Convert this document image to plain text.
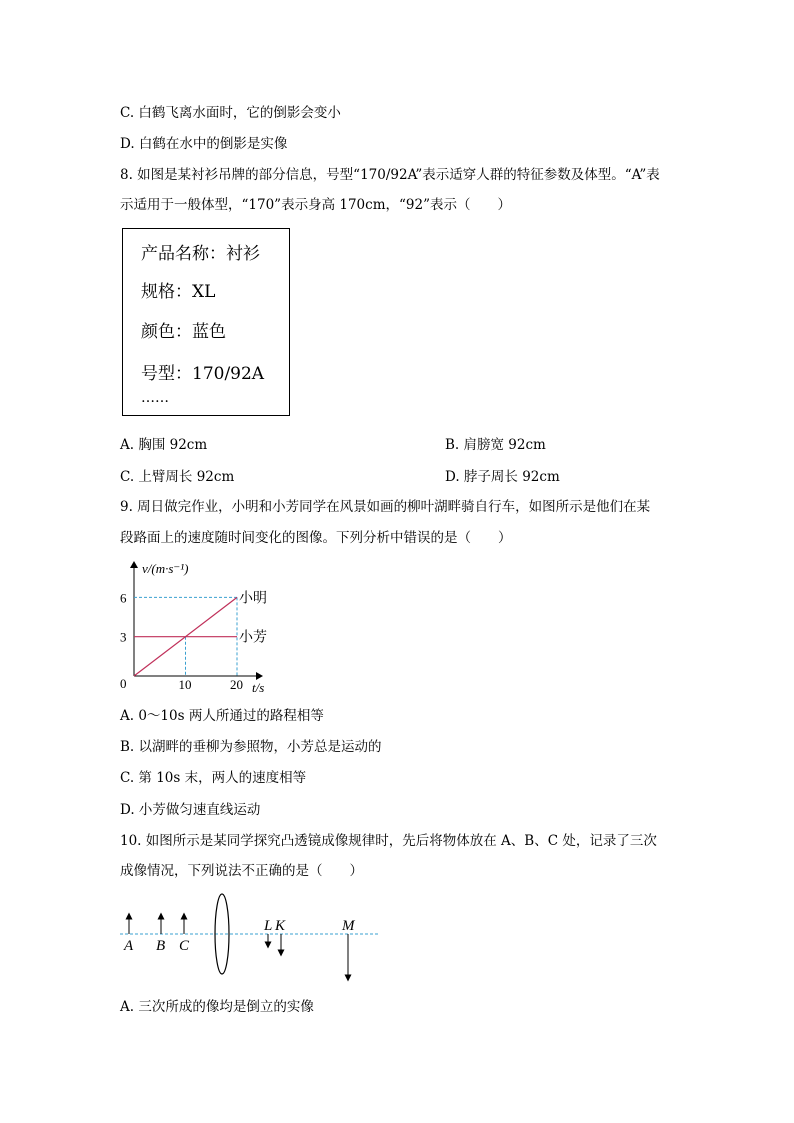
C. 白鹤飞离水面时，它的倒影会变小
D. 白鹤在水中的倒影是实像
8. 如图是某衬衫吊牌的部分信息，号型“170/92A”表示适穿人群的特征参数及体型。“A”表
示适用于一般体型，“170”表示身高 170cm，“92”表示（　　）
产品名称：衬衫
规格：XL
颜色：蓝色
号型：170/92A
……
A. 胸围 92cm	B. 肩膀宽 92cm
C. 上臂周长 92cm	D. 脖子周长 92cm
9. 周日做完作业，小明和小芳同学在风景如画的柳叶湖畔骑自行车，如图所示是他们在某
段路面上的速度随时间变化的图像。下列分析中错误的是（　　）
v/(m·s⁻¹)
t/s
0	10	20
3
6	小明
小芳
A. 0～10s 两人所通过的路程相等
B. 以湖畔的垂柳为参照物，小芳总是运动的
C. 第 10s 末，两人的速度相等
D. 小芳做匀速直线运动
10. 如图所示是某同学探究凸透镜成像规律时，先后将物体放在 A、B、C 处，记录了三次
成像情况，下列说法不正确的是（　　）
A B C
L K	M
A. 三次所成的像均是倒立的实像
